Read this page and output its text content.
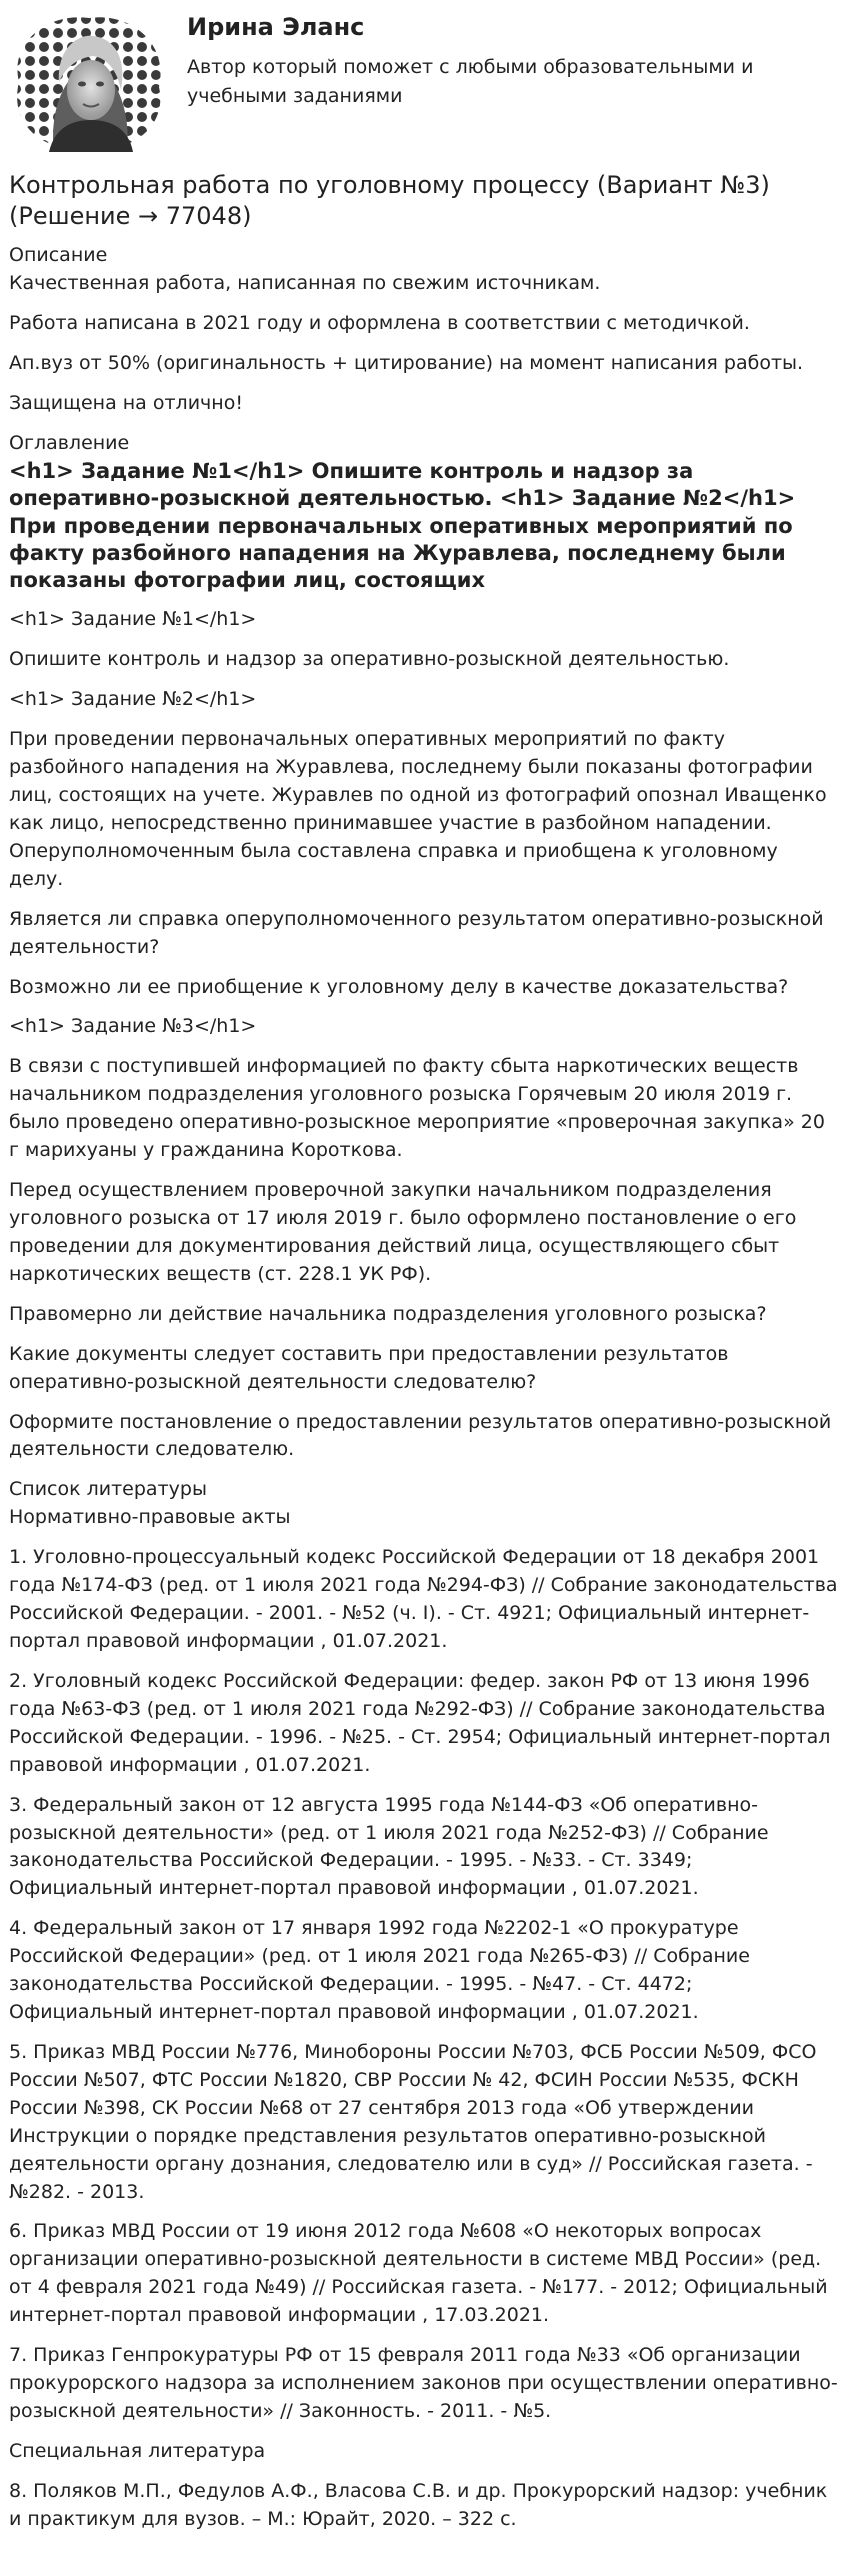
Ирина Эланс
Автор который поможет с любыми образовательными и учебными заданиями
Контрольная работа по уголовному процессу (Вариант №3) (Решение → 77048)
Описание

Качественная работа, написанная по свежим источникам.

Работа написана в 2021 году и оформлена в соответствии с методичкой.

Ап.вуз от 50% (оригинальность + цитирование) на момент написания работы.

Защищена на отлично!

Оглавление
<h1> Задание №1</h1> Опишите контроль и надзор за оперативно-розыскной деятельностью. <h1> Задание №2</h1> При проведении первоначальных оперативных мероприятий по факту разбойного нападения на Журавлева, последнему были показаны фотографии лиц, состоящих

<h1> Задание №1</h1>

Опишите контроль и надзор за оперативно-розыскной деятельностью.

<h1> Задание №2</h1>

При проведении первоначальных оперативных мероприятий по факту разбойного нападения на Журавлева, последнему были показаны фотографии лиц, состоящих на учете. Журавлев по одной из фотографий опознал Иващенко как лицо, непосредственно принимавшее участие в разбойном нападении. Оперуполномоченным была составлена справка и приобщена к уголовному делу.

Является ли справка оперуполномоченного результатом оперативно-розыскной деятельности?

Возможно ли ее приобщение к уголовному делу в качестве доказательства?

<h1> Задание №3</h1>

В связи с поступившей информацией по факту сбыта наркотических веществ начальником подразделения уголовного розыска Горячевым 20 июля 2019 г. было проведено оперативно-розыскное мероприятие «проверочная закупка» 20 г марихуаны у гражданина Короткова.

Перед осуществлением проверочной закупки начальником подразделения уголовного розыска от 17 июля 2019 г. было оформлено постановление о его проведении для документирования действий лица, осуществляющего сбыт наркотических веществ (ст. 228.1 УК РФ).

Правомерно ли действие начальника подразделения уголовного розыска?

Какие документы следует составить при предоставлении результатов оперативно-розыскной деятельности следователю?

Оформите постановление о предоставлении результатов оперативно-розыскной деятельности следователю.

Список литературы

Нормативно-правовые акты

1. Уголовно-процессуальный кодекс Российской Федерации от 18 декабря 2001 года №174-ФЗ (ред. от 1 июля 2021 года №294-ФЗ) // Собрание законодательства Российской Федерации. - 2001. - №52 (ч. I). - Ст. 4921; Официальный интернет-портал правовой информации , 01.07.2021.

2. Уголовный кодекс Российской Федерации: федер. закон РФ от 13 июня 1996 года №63-ФЗ (ред. от 1 июля 2021 года №292-ФЗ) // Собрание законодательства Российской Федерации. - 1996. - №25. - Ст. 2954; Официальный интернет-портал правовой информации , 01.07.2021.

3. Федеральный закон от 12 августа 1995 года №144-ФЗ «Об оперативно-розыскной деятельности» (ред. от 1 июля 2021 года №252-ФЗ) // Собрание законодательства Российской Федерации. - 1995. - №33. - Ст. 3349; Официальный интернет-портал правовой информации , 01.07.2021.

4. Федеральный закон от 17 января 1992 года №2202-1 «О прокуратуре Российской Федерации» (ред. от 1 июля 2021 года №265-ФЗ) // Собрание законодательства Российской Федерации. - 1995. - №47. - Ст. 4472; Официальный интернет-портал правовой информации , 01.07.2021.

5. Приказ МВД России №776, Минобороны России №703, ФСБ России №509, ФСО России №507, ФТС России №1820, СВР России № 42, ФСИН России №535, ФСКН России №398, СК России №68 от 27 сентября 2013 года «Об утверждении Инструкции о порядке представления результатов оперативно-розыскной деятельности органу дознания, следователю или в суд» // Российская газета. - №282. - 2013.

6. Приказ МВД России от 19 июня 2012 года №608 «О некоторых вопросах организации оперативно-розыскной деятельности в системе МВД России» (ред. от 4 февраля 2021 года №49) // Российская газета. - №177. - 2012; Официальный интернет-портал правовой информации , 17.03.2021.

7. Приказ Генпрокуратуры РФ от 15 февраля 2011 года №33 «Об организации прокурорского надзора за исполнением законов при осуществлении оперативно-розыскной деятельности» // Законность. - 2011. - №5.

Специальная литература

8. Поляков М.П., Федулов А.Ф., Власова С.В. и др. Прокурорский надзор: учебник и практикум для вузов. – М.: Юрайт, 2020. – 322 с.
